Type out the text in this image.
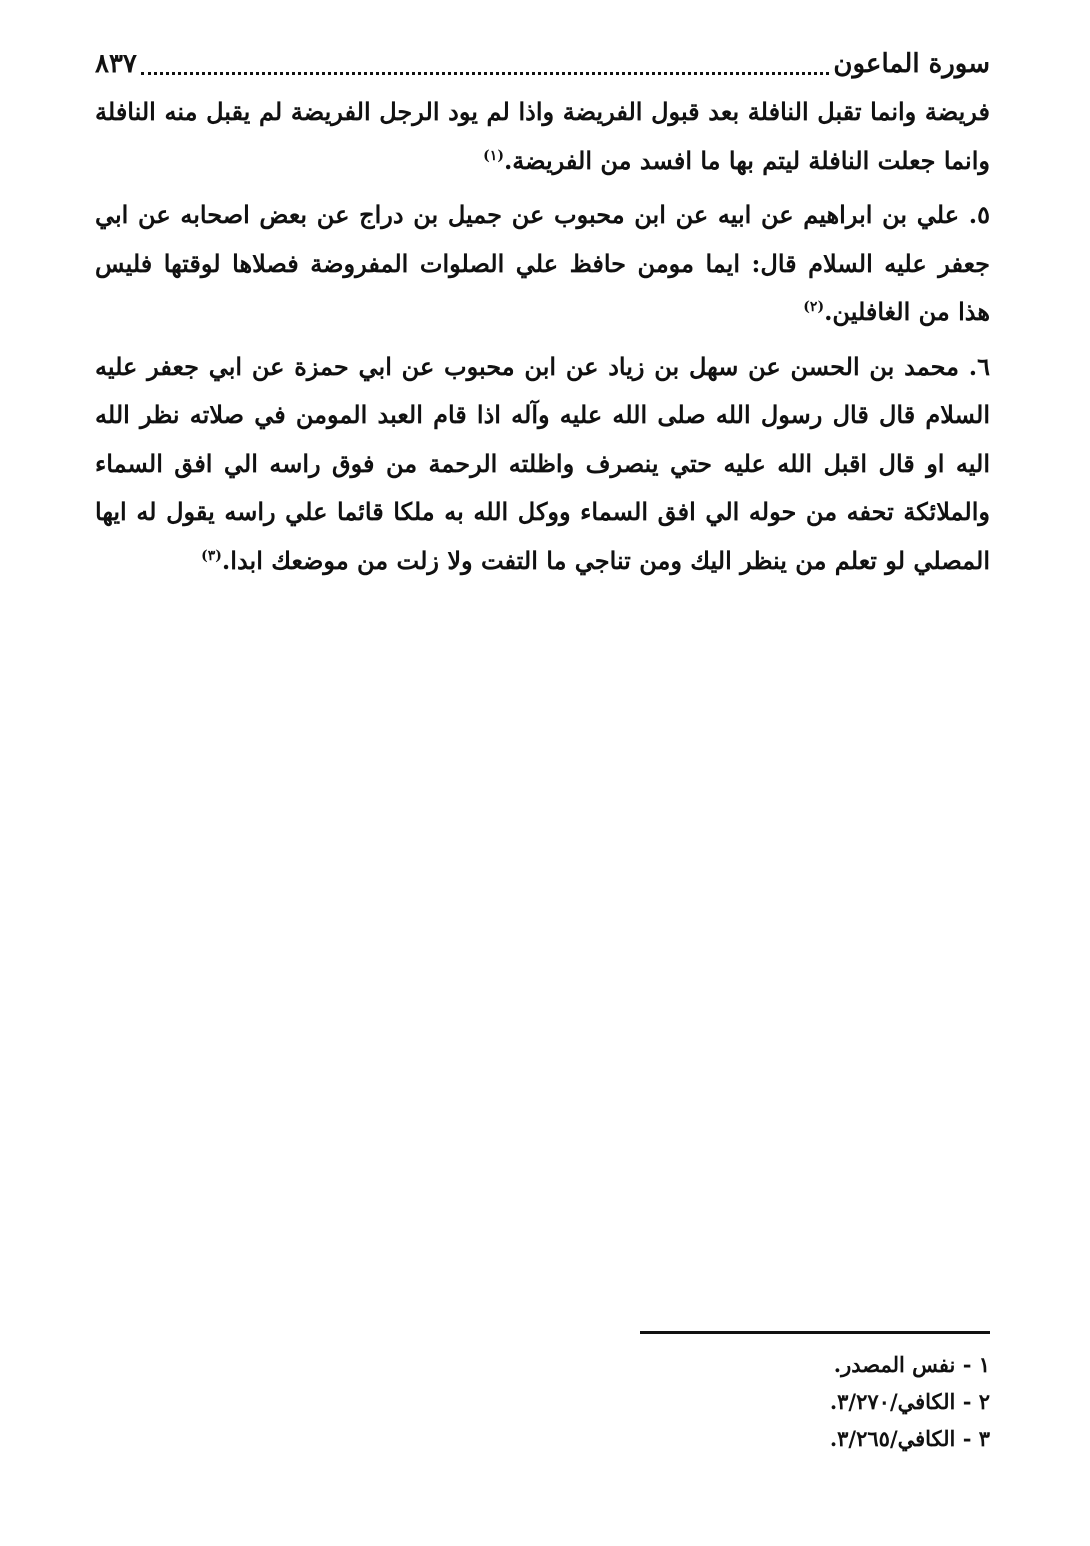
سورة الماعون
٨٣٧

فريضة وانما تقبل النافلة بعد قبول الفريضة واذا لم يود الرجل الفريضة لم يقبل منه النافلة وانما جعلت النافلة ليتم بها ما افسد من الفريضة.$^{(١)}$

٥. علي بن ابراهيم عن ابيه عن ابن محبوب عن جميل بن دراج عن بعض اصحابه عن ابي جعفر عليه السلام قال: ايما مومن حافظ علي الصلوات المفروضة فصلاها لوقتها فليس هذا من الغافلين.$^{(٢)}$

٦. محمد بن الحسن عن سهل بن زياد عن ابن محبوب عن ابي حمزة عن ابي جعفر عليه السلام قال قال رسول الله صلى الله عليه وآله اذا قام العبد المومن في صلاته نظر الله اليه او قال اقبل الله عليه حتي ينصرف واظلته الرحمة من فوق راسه الي افق السماء والملائكة تحفه من حوله الي افق السماء ووكل الله به ملكا قائما علي راسه يقول له ايها المصلي لو تعلم من ينظر اليك ومن تناجي ما التفت ولا زلت من موضعك ابدا.$^{(٣)}$

١ - نفس المصدر.
٢ - الكافي/٣/٢٧٠.
٣ - الكافي/٣/٢٦٥.
